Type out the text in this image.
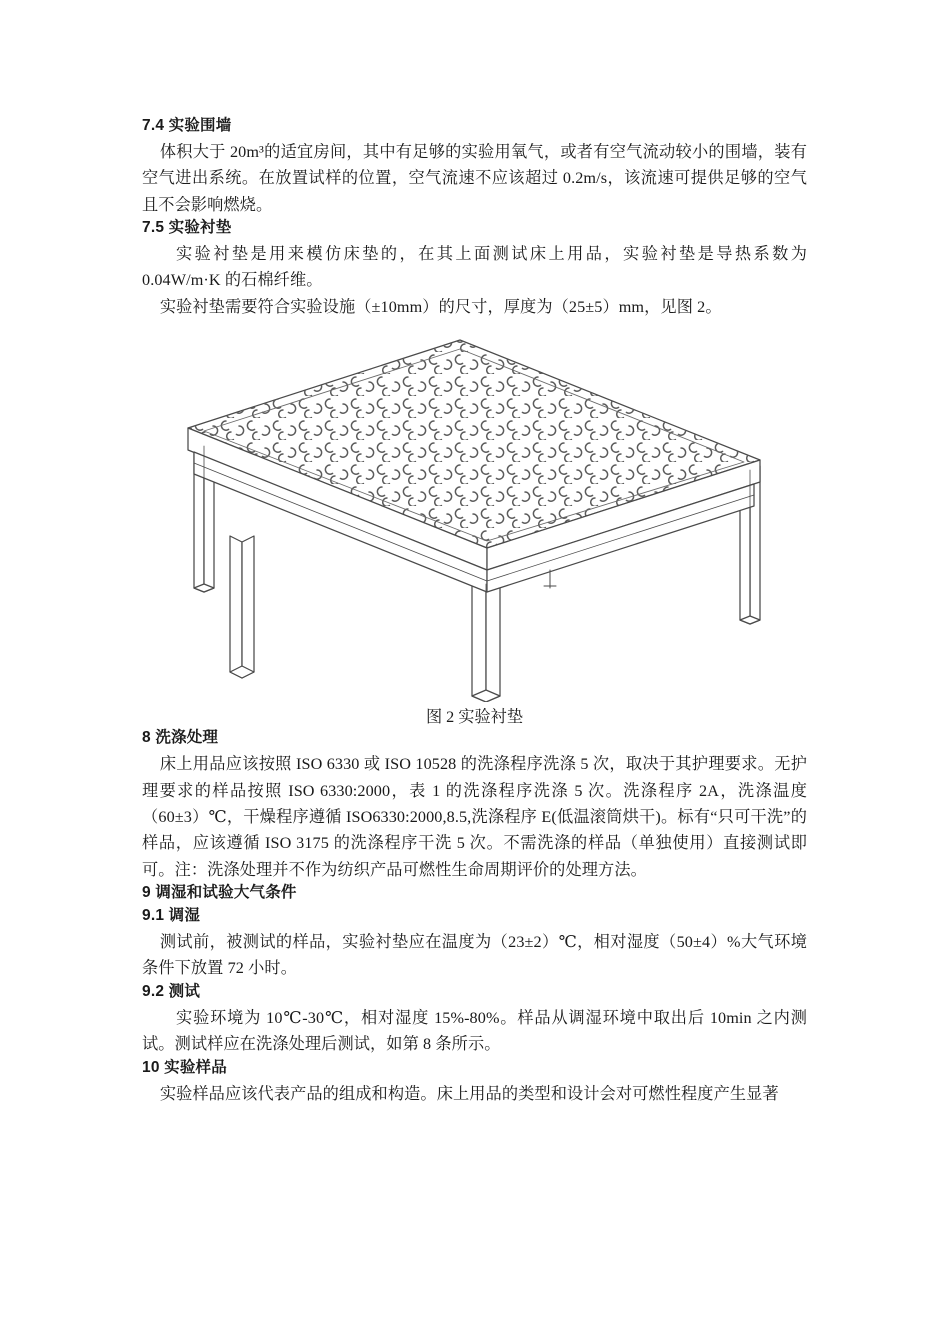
7.4 实验围墙

体积大于 20m³的适宜房间，其中有足够的实验用氧气，或者有空气流动较小的围墙，装有空气进出系统。在放置试样的位置，空气流速不应该超过 0.2m/s，该流速可提供足够的空气且不会影响燃烧。

7.5 实验衬垫

实验衬垫是用来模仿床垫的，在其上面测试床上用品，实验衬垫是导热系数为 0.04W/m·K 的石棉纤维。

实验衬垫需要符合实验设施（±10mm）的尺寸，厚度为（25±5）mm，见图 2。

图 2 实验衬垫

8 洗涤处理

床上用品应该按照 ISO 6330 或 ISO 10528 的洗涤程序洗涤 5 次，取决于其护理要求。无护理要求的样品按照 ISO 6330:2000，表 1 的洗涤程序洗涤 5 次。洗涤程序 2A，洗涤温度（60±3）℃，干燥程序遵循 ISO6330:2000,8.5,洗涤程序 E(低温滚筒烘干)。标有“只可干洗”的样品，应该遵循 ISO 3175 的洗涤程序干洗 5 次。不需洗涤的样品（单独使用）直接测试即可。注：洗涤处理并不作为纺织产品可燃性生命周期评价的处理方法。

9 调湿和试验大气条件
9.1 调湿

测试前，被测试的样品，实验衬垫应在温度为（23±2）℃，相对湿度（50±4）%大气环境条件下放置 72 小时。

9.2 测试

实验环境为 10℃-30℃，相对湿度 15%-80%。样品从调湿环境中取出后 10min 之内测试。测试样应在洗涤处理后测试，如第 8 条所示。

10 实验样品

实验样品应该代表产品的组成和构造。床上用品的类型和设计会对可燃性程度产生显著
